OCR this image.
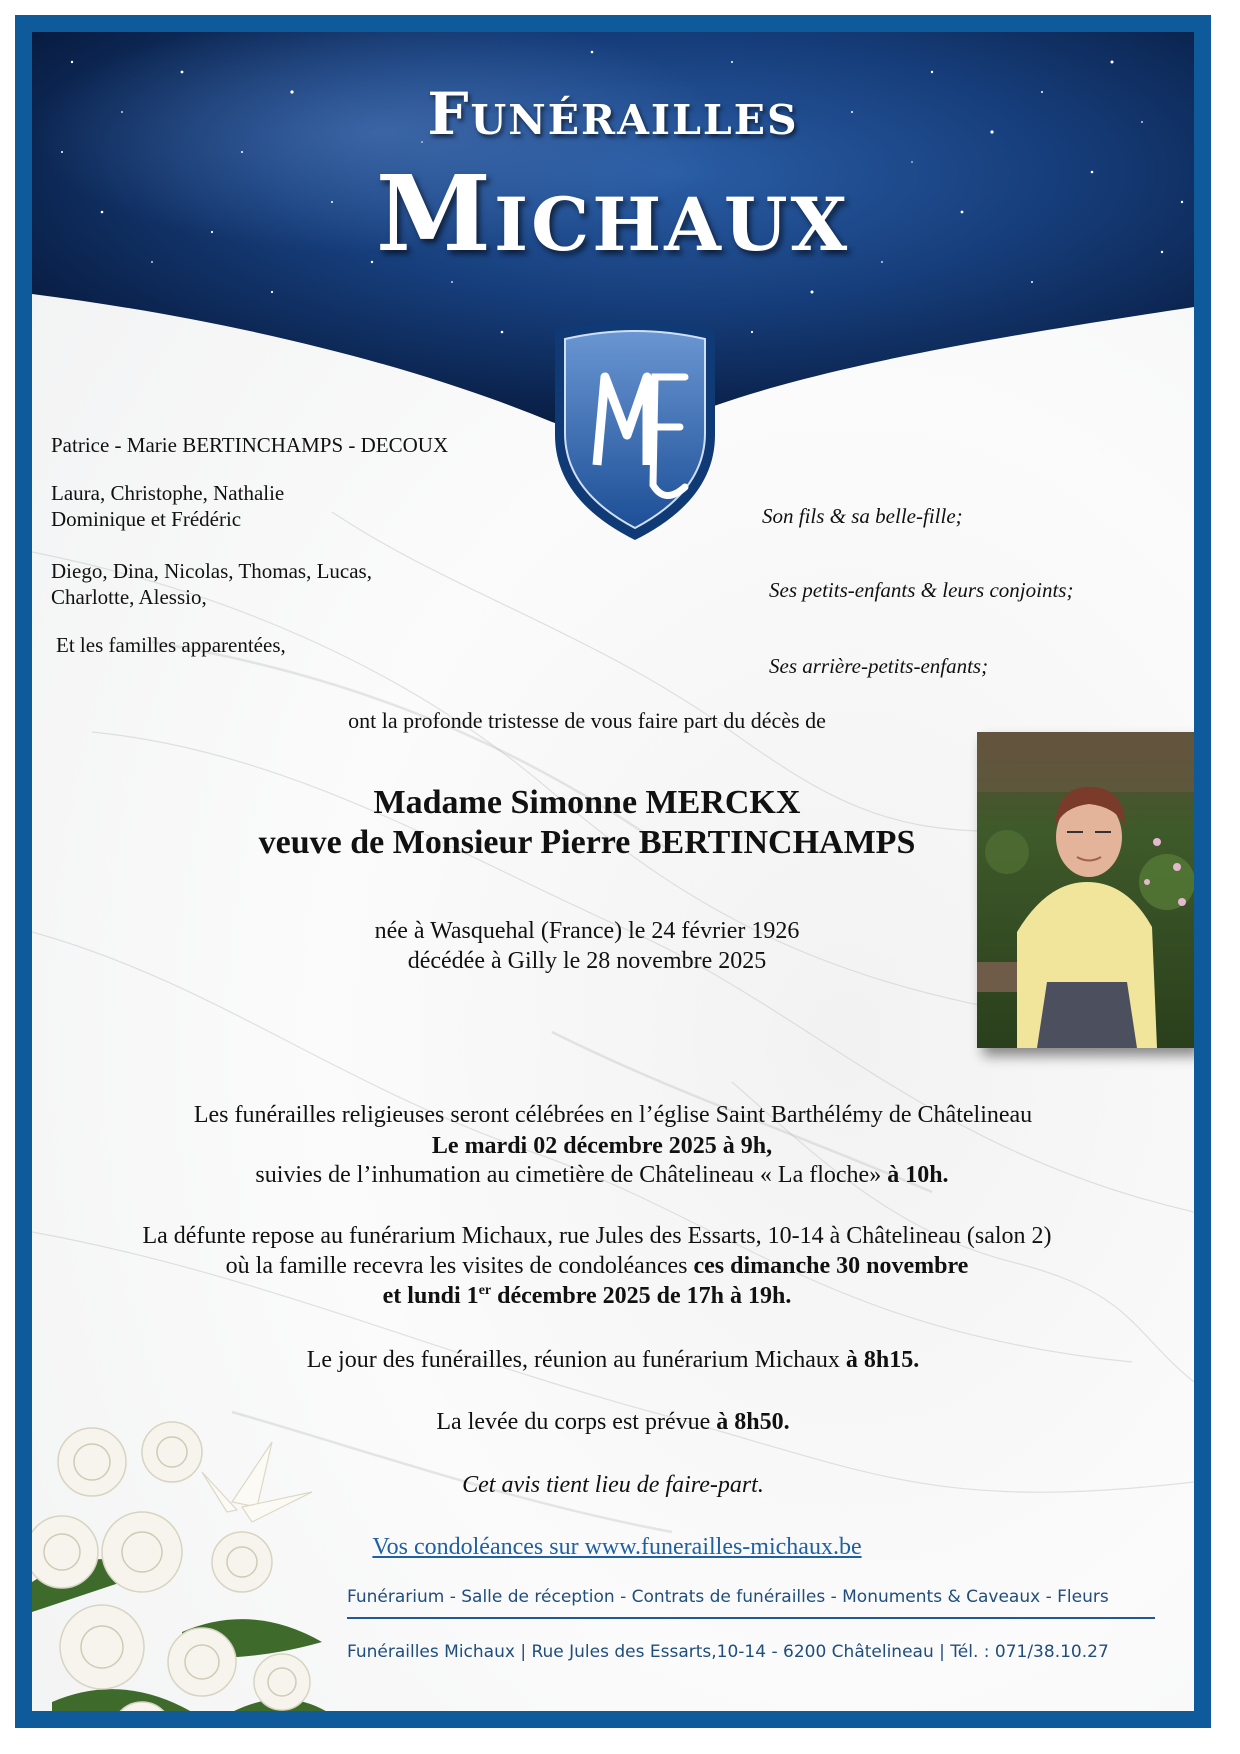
Funérailles
Michaux
Patrice - Marie BERTINCHAMPS - DECOUX
Laura, Christophe, Nathalie
Dominique et Frédéric
Diego, Dina, Nicolas, Thomas, Lucas,
Charlotte, Alessio,
Et les familles apparentées,
Son fils & sa belle-fille;
Ses petits-enfants & leurs conjoints;
Ses arrière-petits-enfants;
ont la profonde tristesse de vous faire part du décès de
Madame Simonne MERCKX
veuve de Monsieur Pierre BERTINCHAMPS
née à Wasquehal (France) le 24 février 1926
décédée à Gilly le 28 novembre 2025
Les funérailles religieuses seront célébrées en l’église Saint Barthélémy de Châtelineau
Le mardi 02 décembre 2025 à 9h,
suivies de l’inhumation au cimetière de Châtelineau « La floche» à 10h.
La défunte repose au funérarium Michaux, rue Jules des Essarts, 10-14 à Châtelineau (salon 2)
où la famille recevra les visites de condoléances ces dimanche 30 novembre
et lundi 1er décembre 2025 de 17h à 19h.
Le jour des funérailles, réunion au funérarium Michaux à 8h15.
La levée du corps est prévue à 8h50.
Cet avis tient lieu de faire-part.
Vos condoléances sur www.funerailles-michaux.be
Funérarium - Salle de réception - Contrats de funérailles - Monuments & Caveaux - Fleurs
Funérailles Michaux | Rue Jules des Essarts,10-14 - 6200 Châtelineau | Tél. : 071/38.10.27
